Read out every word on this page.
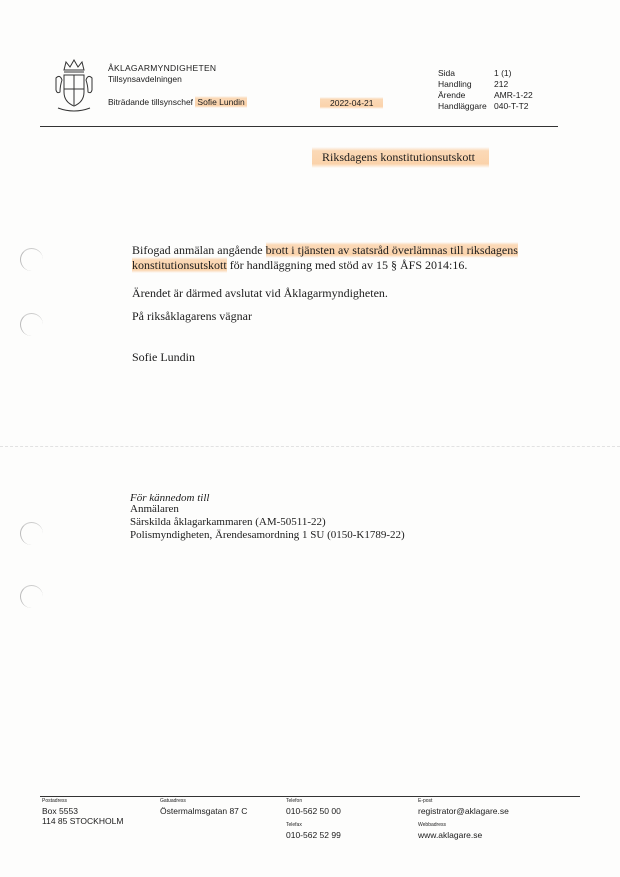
ÅKLAGARMYNDIGHETEN
Tillsynsavdelningen
Biträdande tillsynschef Sofie Lundin	2022-04-21
Sida	1 (1)
Handling	212
Ärende	AMR-1-22
Handläggare 040-T-T2
Riksdagens konstitutionsutskott
Bifogad anmälan angående brott i tjänsten av statsråd överlämnas till riksdagens
konstitutionsutskott för handläggning med stöd av 15 § ÅFS 2014:16.
Ärendet är därmed avslutat vid Åklagarmyndigheten.
På riksåklagarens vägnar
Sofie Lundin
För kännedom till
Anmälaren
Särskilda åklagarkammaren (AM-50511-22)
Polismyndigheten, Ärendesamordning 1 SU (0150-K1789-22)
Postadress
Box 5553
114 85 STOCKHOLM
Gatuadress
Östermalmsgatan 87 C
Telefon
010-562 50 00
Telefax
010-562 52 99
E-post
registrator@aklagare.se
Webbadress
www.aklagare.se
